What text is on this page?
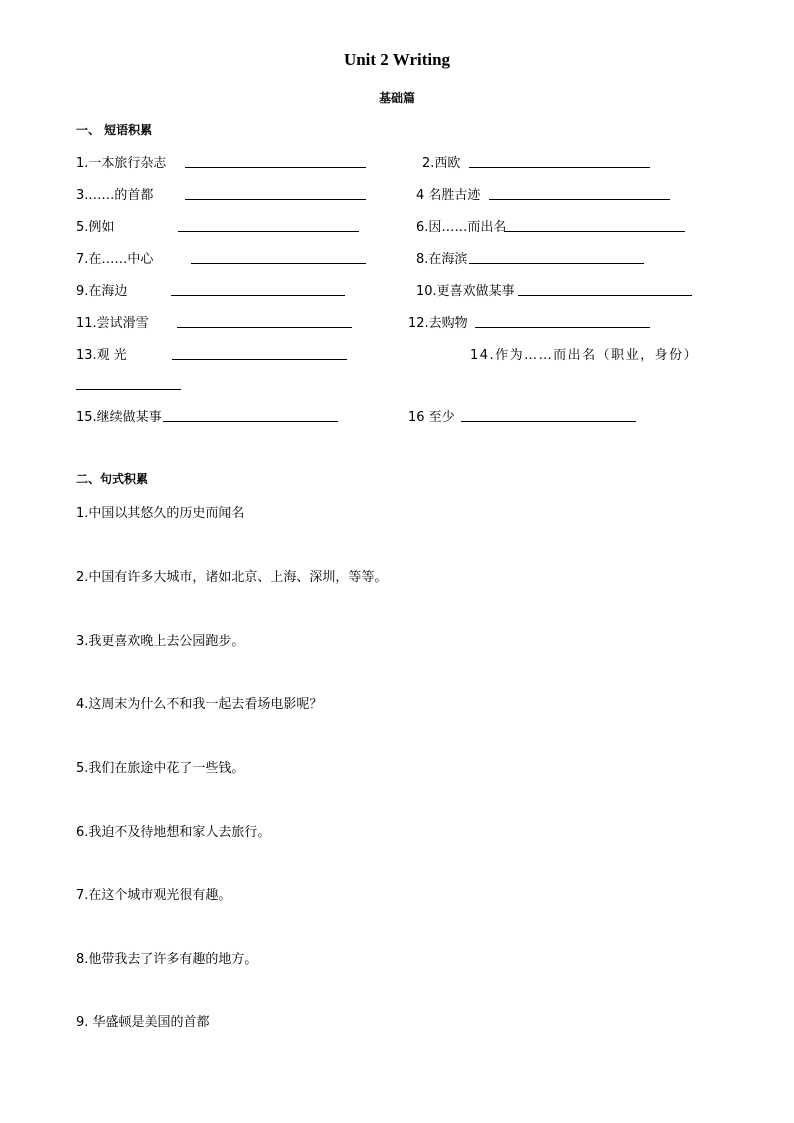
Unit 2 Writing
基础篇
一、 短语积累
1.一本旅行杂志	2.西欧
3.……的首都	4 名胜古迹
5.例如	6.因……而出名
7.在……中心	8.在海滨
9.在海边	10.更喜欢做某事
11.尝试滑雪	12.去购物
13.观 光	14.作为……而出名（职业，身份）
15.继续做某事	16 至少
二、句式积累
1.中国以其悠久的历史而闻名
2.中国有许多大城市，诸如北京、上海、深圳，等等。
3.我更喜欢晚上去公园跑步。
4.这周末为什么不和我一起去看场电影呢？
5.我们在旅途中花了一些钱。
6.我迫不及待地想和家人去旅行。
7.在这个城市观光很有趣。
8.他带我去了许多有趣的地方。
9. 华盛顿是美国的首都
